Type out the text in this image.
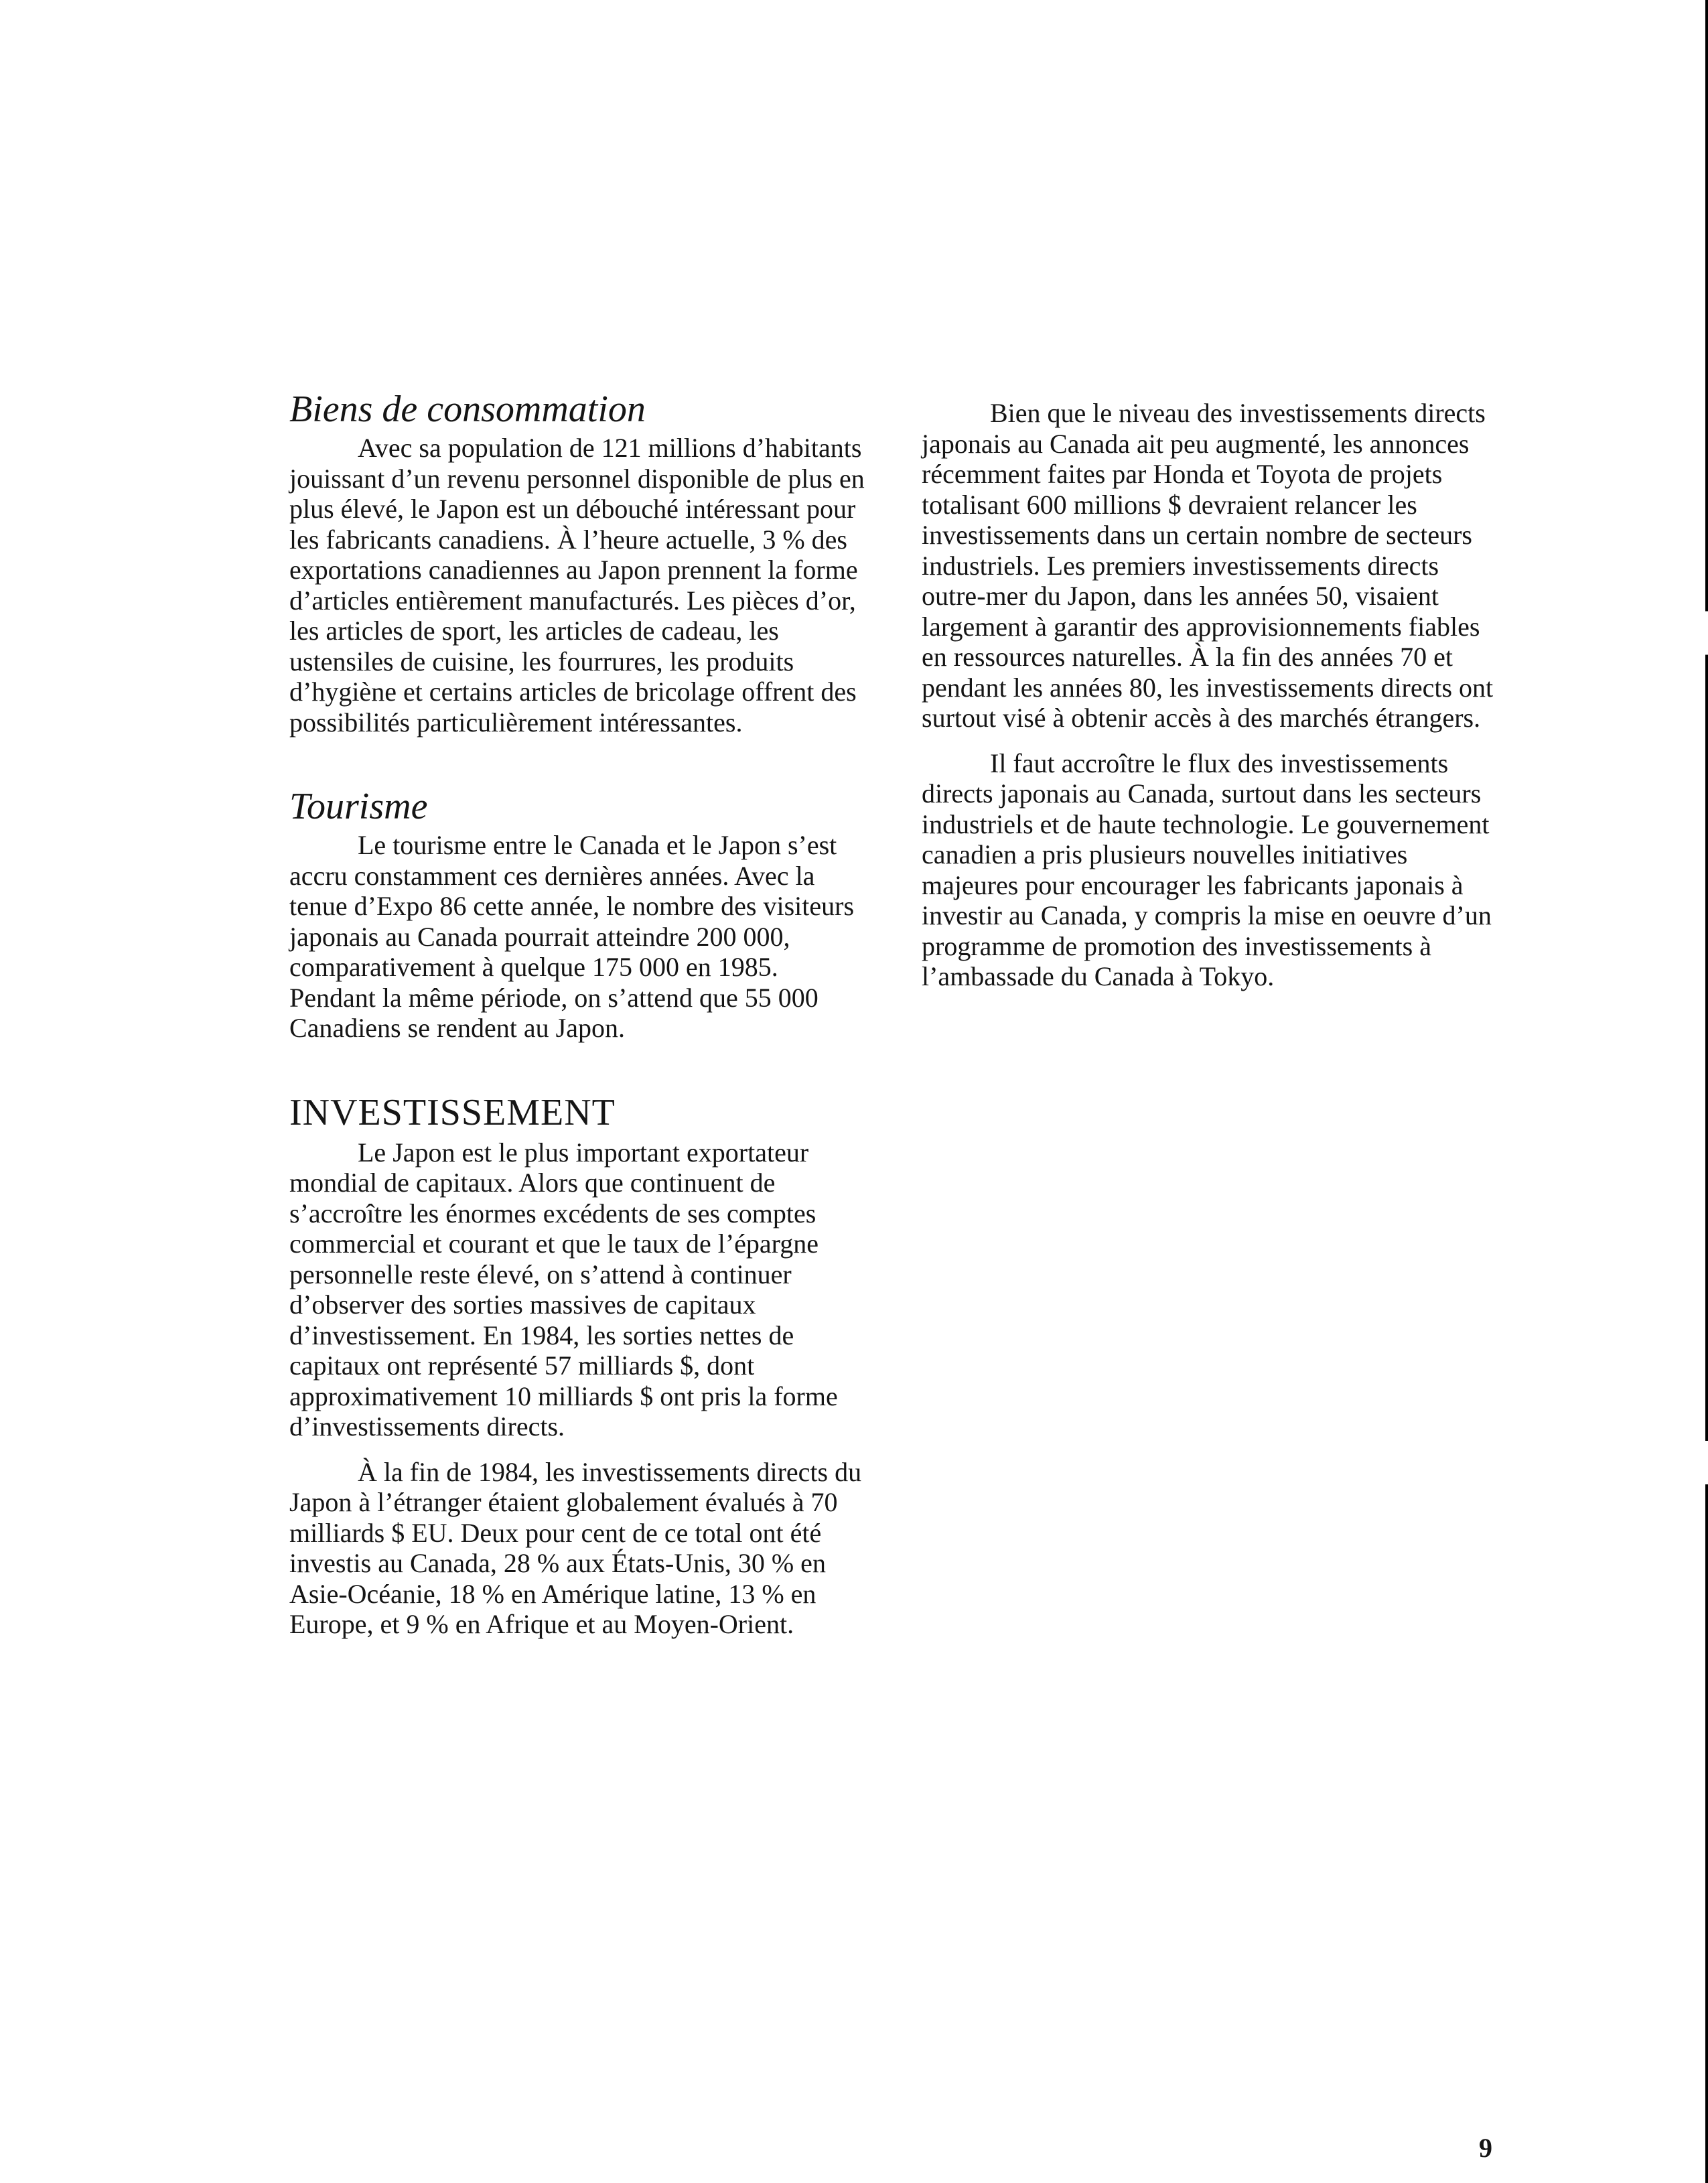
Biens de consommation

Avec sa population de 121 millions d’habitants jouissant d’un revenu personnel disponible de plus en plus élevé, le Japon est un débouché intéressant pour les fabricants canadiens. À l’heure actuelle, 3 % des exportations canadiennes au Japon prennent la forme d’articles entièrement manufacturés. Les pièces d’or, les articles de sport, les articles de cadeau, les ustensiles de cuisine, les fourrures, les produits d’hygiène et certains articles de bricolage offrent des possibilités particulièrement intéressantes.

Tourisme

Le tourisme entre le Canada et le Japon s’est accru constamment ces dernières années. Avec la tenue d’Expo 86 cette année, le nombre des visiteurs japonais au Canada pourrait atteindre 200 000, comparativement à quelque 175 000 en 1985. Pendant la même période, on s’attend que 55 000 Canadiens se rendent au Japon.

INVESTISSEMENT

Le Japon est le plus important exportateur mondial de capitaux. Alors que continuent de s’accroître les énormes excédents de ses comptes commercial et courant et que le taux de l’épargne personnelle reste élevé, on s’attend à continuer d’observer des sorties massives de capitaux d’investissement. En 1984, les sorties nettes de capitaux ont représenté 57 milliards $, dont approximativement 10 milliards $ ont pris la forme d’investissements directs.

À la fin de 1984, les investissements directs du Japon à l’étranger étaient globalement évalués à 70 milliards $ EU. Deux pour cent de ce total ont été investis au Canada, 28 % aux États-Unis, 30 % en Asie-Océanie, 18 % en Amérique latine, 13 % en Europe, et 9 % en Afrique et au Moyen-Orient.

Bien que le niveau des investissements directs japonais au Canada ait peu augmenté, les annonces récemment faites par Honda et Toyota de projets totalisant 600 millions $ devraient relancer les investissements dans un certain nombre de secteurs industriels. Les premiers investissements directs outre-mer du Japon, dans les années 50, visaient largement à garantir des approvisionnements fiables en ressources naturelles. À la fin des années 70 et pendant les années 80, les investissements directs ont surtout visé à obtenir accès à des marchés étrangers.

Il faut accroître le flux des investissements directs japonais au Canada, surtout dans les secteurs industriels et de haute technologie. Le gouvernement canadien a pris plusieurs nouvelles initiatives majeures pour encourager les fabricants japonais à investir au Canada, y compris la mise en oeuvre d’un programme de promotion des investissements à l’ambassade du Canada à Tokyo.

9
